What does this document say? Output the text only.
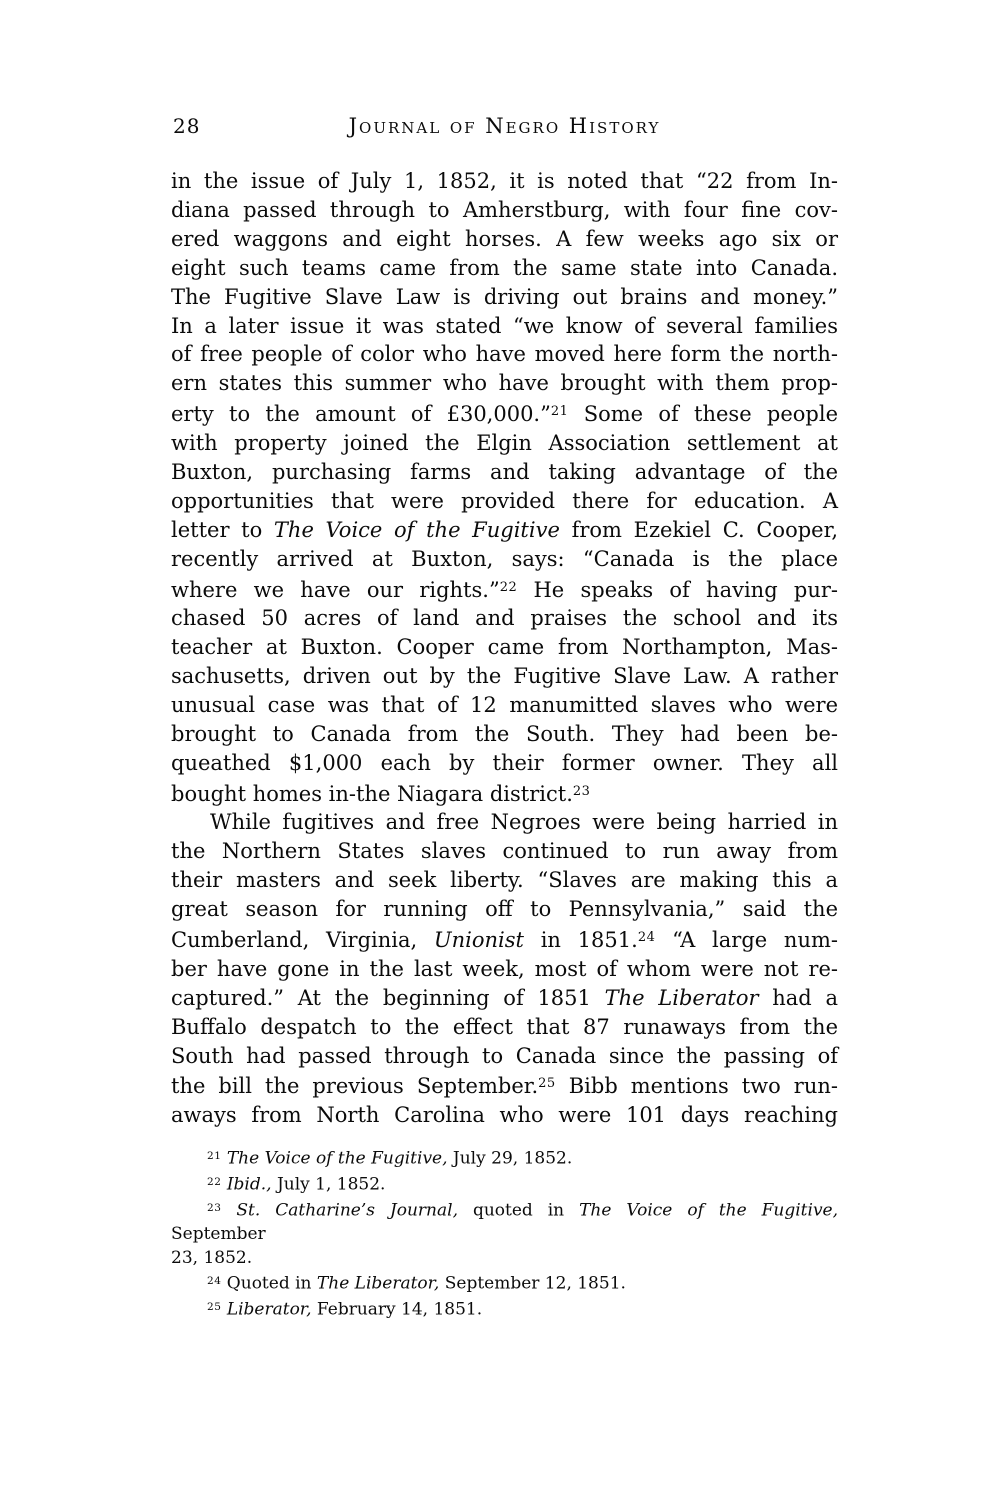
28	Journal of Negro History
in the issue of July 1, 1852, it is noted that “22 from In-
diana passed through to Amherstburg, with four fine cov-
ered waggons and eight horses. A few weeks ago six or
eight such teams came from the same state into Canada.
The Fugitive Slave Law is driving out brains and money.”
In a later issue it was stated “we know of several families
of free people of color who have moved here form the north-
ern states this summer who have brought with them prop-
erty to the amount of £30,000.”$^{21}$ Some of these people
with property joined the Elgin Association settlement at
Buxton, purchasing farms and taking advantage of the
opportunities that were provided there for education. A
letter to The Voice of the Fugitive from Ezekiel C. Cooper,
recently arrived at Buxton, says: “Canada is the place
where we have our rights.”$^{22}$ He speaks of having pur-
chased 50 acres of land and praises the school and its
teacher at Buxton. Cooper came from Northampton, Mas-
sachusetts, driven out by the Fugitive Slave Law. A rather
unusual case was that of 12 manumitted slaves who were
brought to Canada from the South. They had been be-
queathed $1,000 each by their former owner. They all
bought homes in-the Niagara district.$^{23}$
While fugitives and free Negroes were being harried in
the Northern States slaves continued to run away from
their masters and seek liberty. “Slaves are making this a
great season for running off to Pennsylvania,” said the
Cumberland, Virginia, Unionist in 1851.24 “A large num-
ber have gone in the last week, most of whom were not re-
captured.” At the beginning of 1851 The Liberator had a
Buffalo despatch to the effect that 87 runaways from the
South had passed through to Canada since the passing of
the bill the previous September.$^{25}$ Bibb mentions two run-
aways from North Carolina who were 101 days reaching
$^{21}$ The Voice of the Fugitive, July 29, 1852.
$^{22}$ Ibid., July 1, 1852.
$^{23}$ St. Catharine’s Journal, quoted in The Voice of the Fugitive, September
23, 1852.
$^{24}$ Quoted in The Liberator, September 12, 1851.
$^{25}$ Liberator, February 14, 1851.
